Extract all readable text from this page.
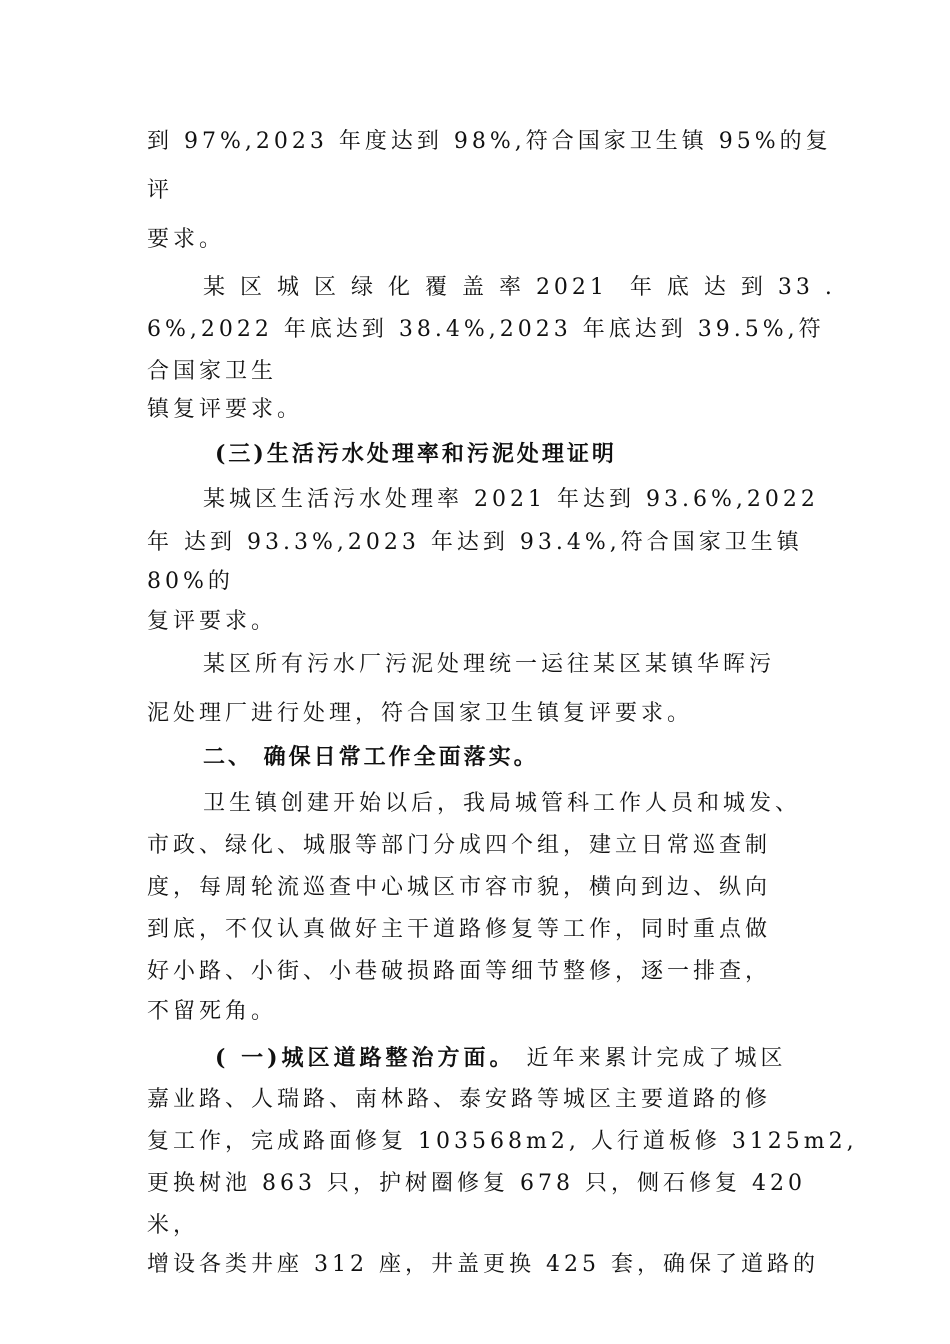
到 97%,2023 年度达到 98%,符合国家卫生镇 95%的复

评

要求。

某 区 城 区 绿 化 覆 盖 率 2021  年 底 达 到 33 .

6%,2022 年底达到 38.4%,2023 年底达到 39.5%,符

合国家卫生

镇复评要求。

(三)生活污水处理率和污泥处理证明

某城区生活污水处理率 2021 年达到 93.6%,2022

年 达到 93.3%,2023 年达到 93.4%,符合国家卫生镇

80%的

复评要求。

某区所有污水厂污泥处理统一运往某区某镇华晖污

泥处理厂进行处理，符合国家卫生镇复评要求。

二、 确保日常工作全面落实。

卫生镇创建开始以后，我局城管科工作人员和城发、

市政、绿化、城服等部门分成四个组，建立日常巡查制

度，每周轮流巡查中心城区市容市貌，横向到边、纵向

到底，不仅认真做好主干道路修复等工作，同时重点做

好小路、小街、小巷破损路面等细节整修，逐一排查，

不留死角。

( 一)城区道路整治方面。 近年来累计完成了城区

嘉业路、人瑞路、南林路、泰安路等城区主要道路的修

复工作，完成路面修复 103568m2, 人行道板修 3125m2,

更换树池 863 只，护树圈修复 678 只，侧石修复 420

米，

增设各类井座 312 座，井盖更换 425 套，确保了道路的
